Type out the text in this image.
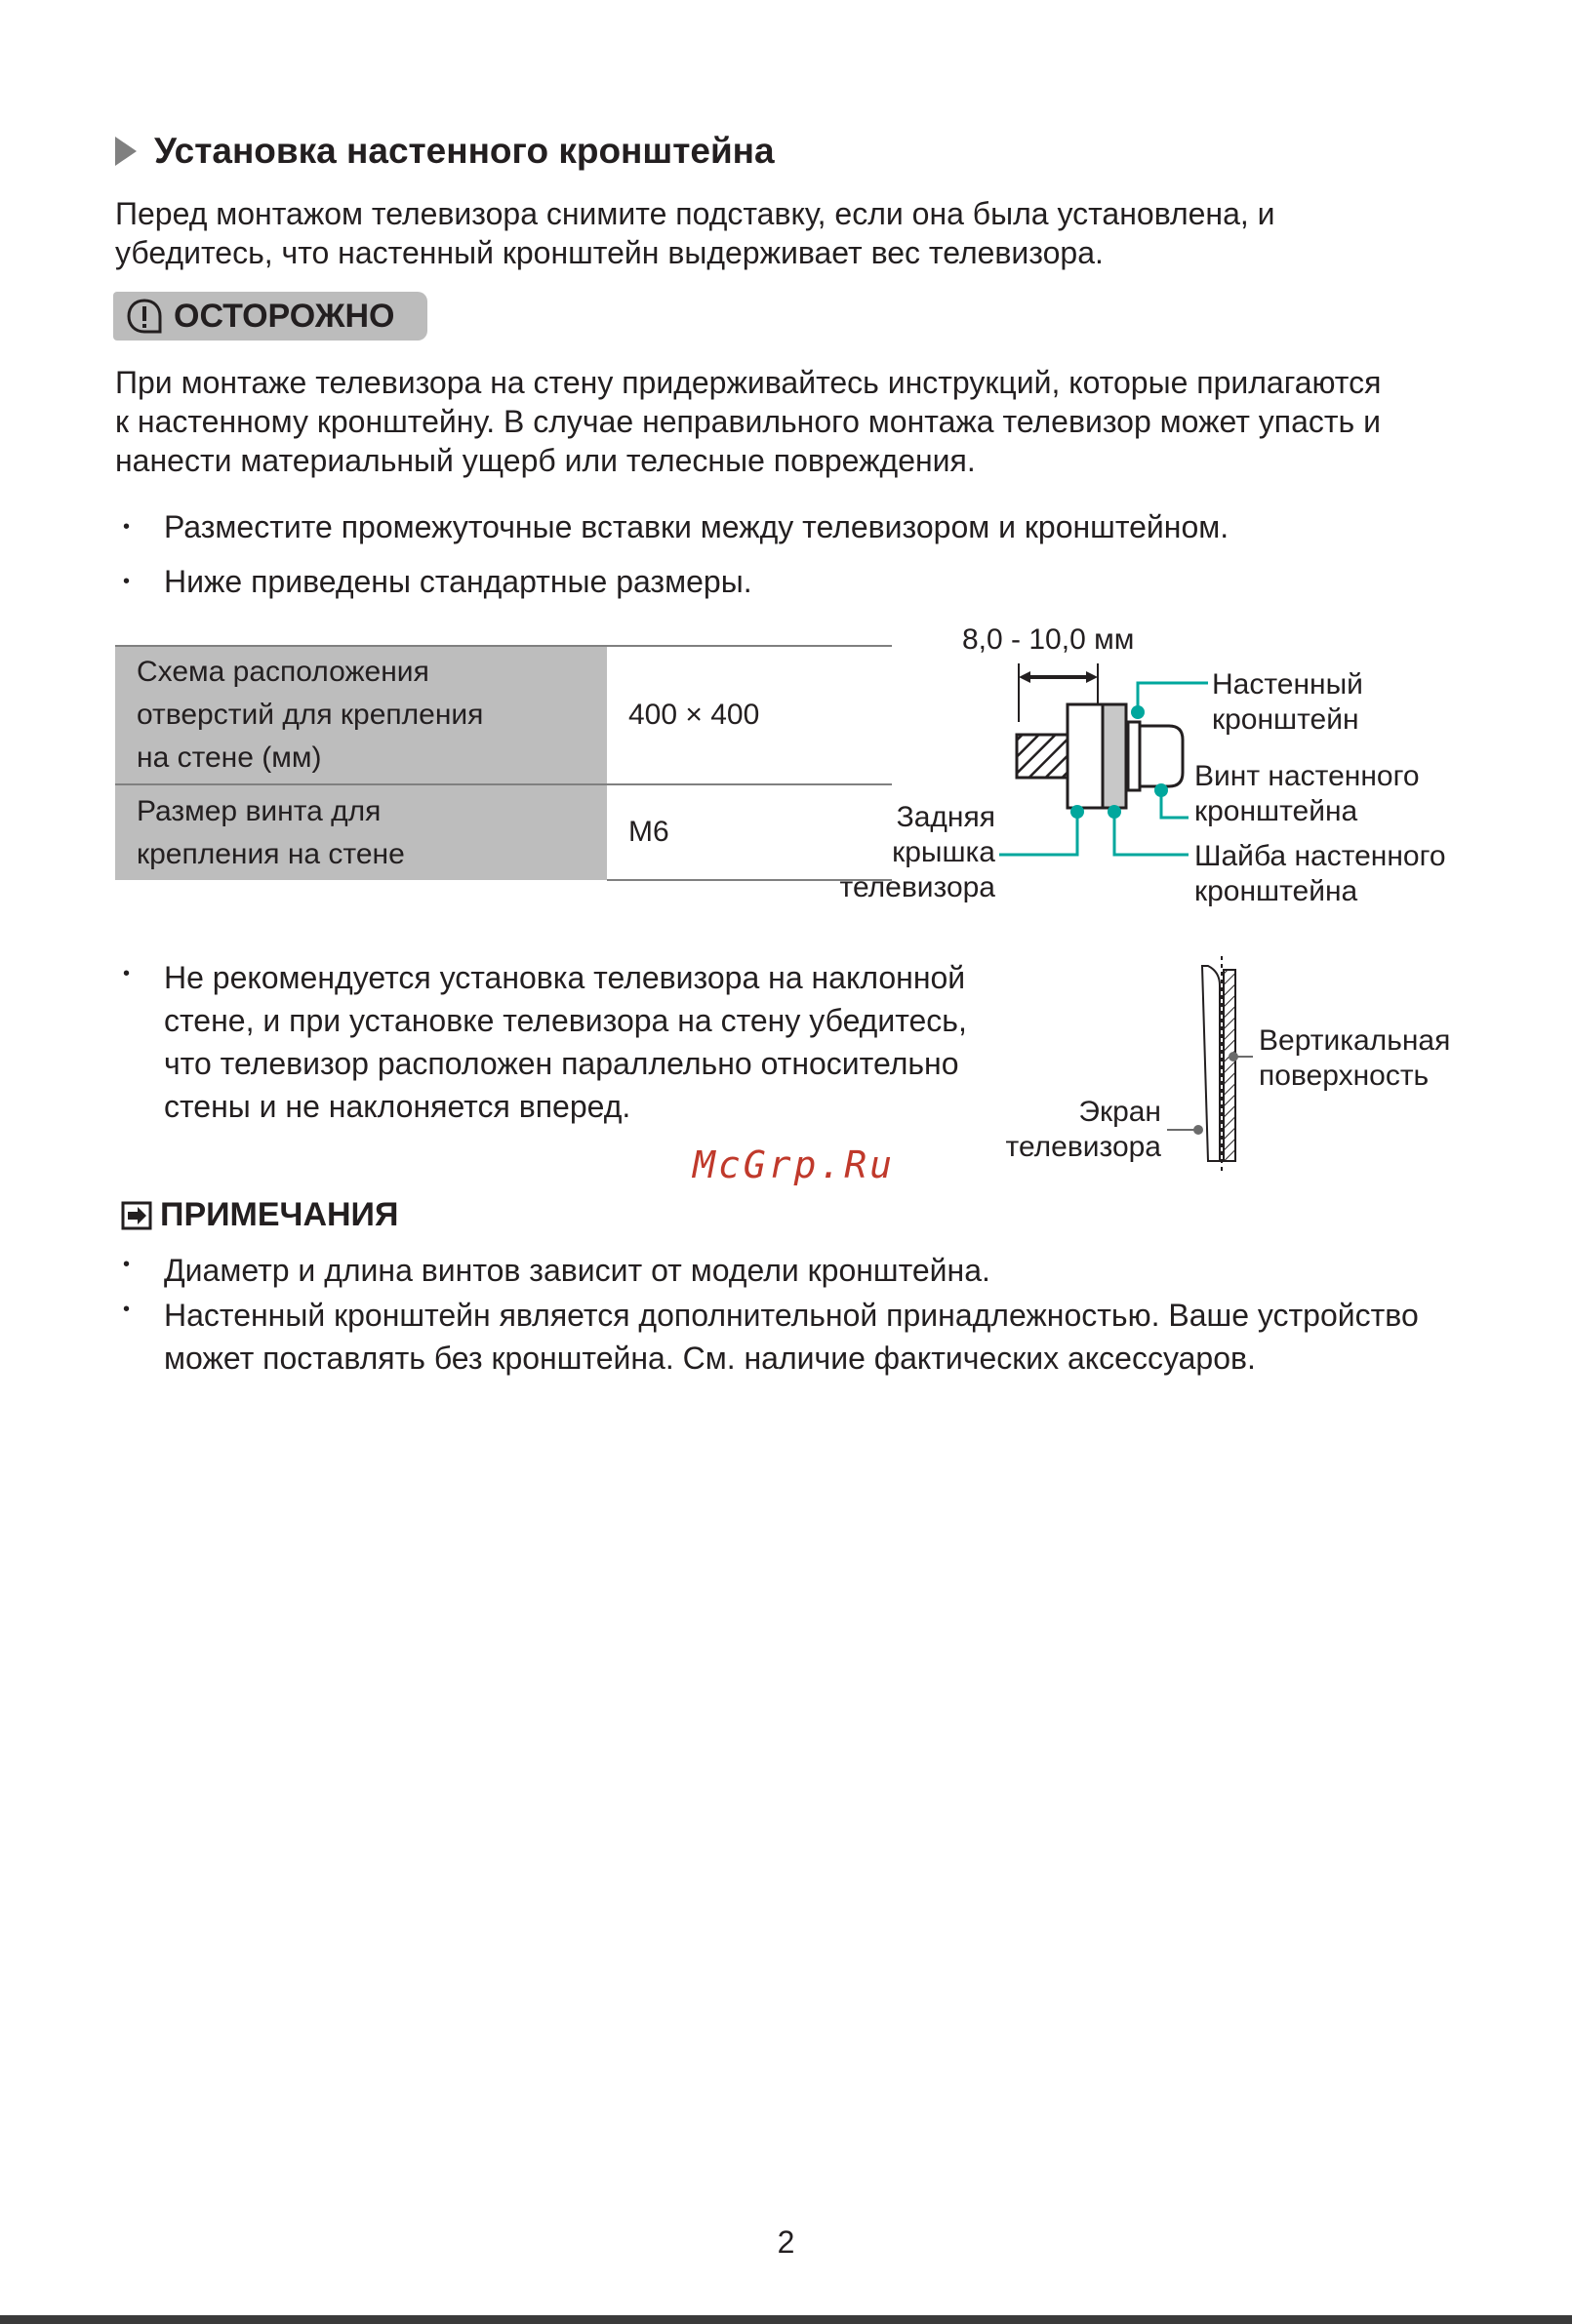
Установка настенного кронштейна
Перед монтажом телевизора снимите подставку, если она была установлена, и
убедитесь, что настенный кронштейн выдерживает вес телевизора.
ОСТОРОЖНО
При монтаже телевизора на стену придерживайтесь инструкций, которые прилагаются
к настенному кронштейну. В случае неправильного монтажа телевизор может упасть и
нанести материальный ущерб или телесные повреждения.
• Разместите промежуточные вставки между телевизором и кронштейном.
• Ниже приведены стандартные размеры.
Схема расположения
отверстий для крепления
на стене (мм)	400 × 400

Размер винта для
крепления на стене	M6
8,0 - 10,0 мм
Настенный
кронштейн
Винт настенного
кронштейна
Шайба настенного
кронштейна
Задняя
крышка
телевизора
• Не рекомендуется установка телевизора на наклонной
стене, и при установке телевизора на стену убедитесь,
что телевизор расположен параллельно относительно
стены и не наклоняется вперед.
Вертикальная
поверхность
Экран
телевизора
McGrp.Ru
ПРИМЕЧАНИЯ
• Диаметр и длина винтов зависит от модели кронштейна.
• Настенный кронштейн является дополнительной принадлежностью. Ваше устройство
может поставлять без кронштейна. См. наличие фактических аксессуаров.
2
